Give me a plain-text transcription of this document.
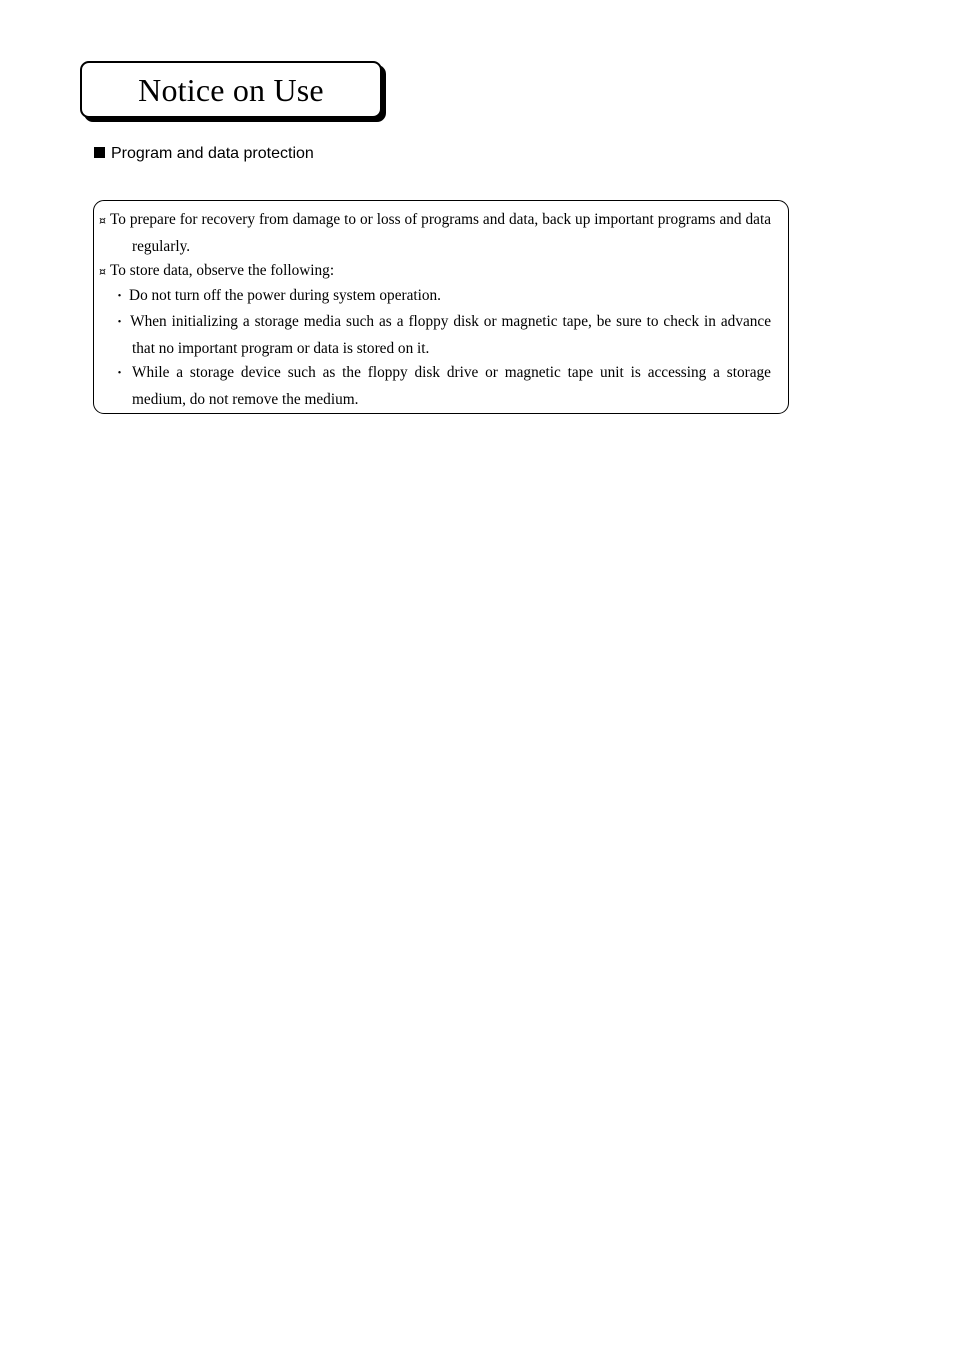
Notice on Use
Program and data protection
¤ To prepare for recovery from damage to or loss of programs and data, back up important programs and data regularly.
¤ To store data, observe the following:
・ Do not turn off the power during system operation.
・ When initializing a storage media such as a floppy disk or magnetic tape, be sure to check in advance that no important program or data is stored on it.
・ While a storage device such as the floppy disk drive or magnetic tape unit is accessing a storage medium, do not remove the medium.
